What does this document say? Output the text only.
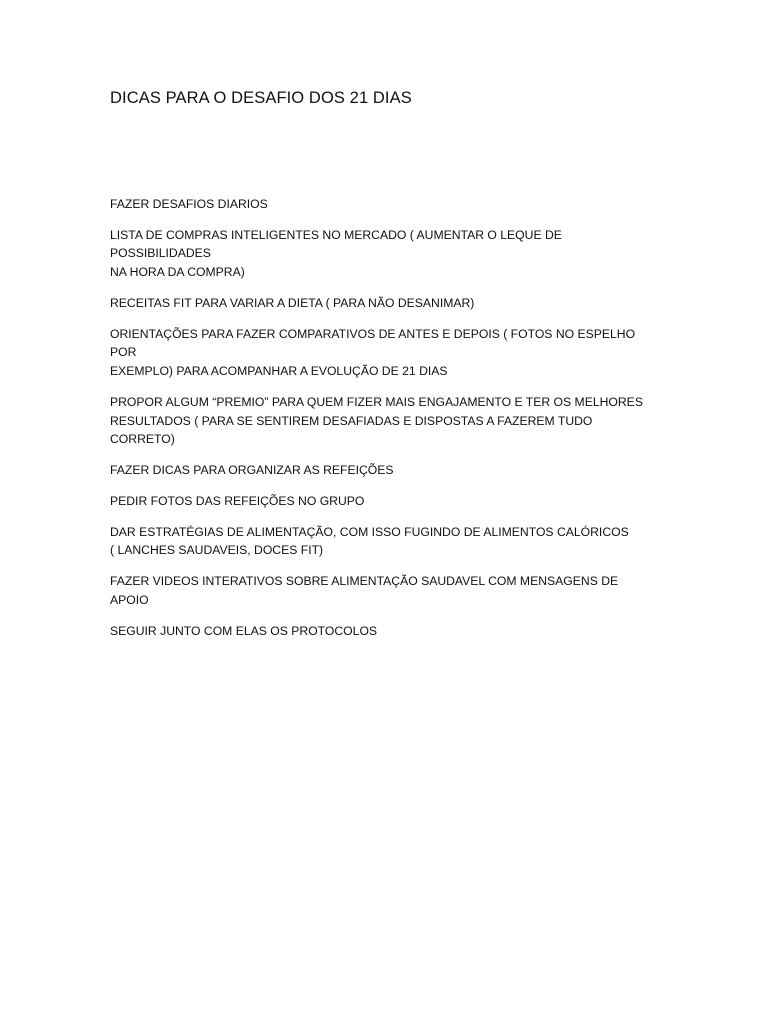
DICAS PARA O DESAFIO DOS 21 DIAS
FAZER DESAFIOS DIARIOS
LISTA DE COMPRAS INTELIGENTES NO MERCADO ( AUMENTAR O LEQUE DE POSSIBILIDADES
NA HORA DA COMPRA)
RECEITAS FIT PARA VARIAR A DIETA ( PARA NÃO DESANIMAR)
ORIENTAÇÕES PARA FAZER COMPARATIVOS DE ANTES E DEPOIS ( FOTOS NO ESPELHO POR
EXEMPLO) PARA ACOMPANHAR A EVOLUÇÃO DE 21 DIAS
PROPOR ALGUM “PREMIO” PARA QUEM FIZER MAIS ENGAJAMENTO E TER OS MELHORES
RESULTADOS ( PARA SE SENTIREM DESAFIADAS E DISPOSTAS A FAZEREM TUDO CORRETO)
FAZER DICAS PARA ORGANIZAR AS REFEIÇÕES
PEDIR FOTOS DAS REFEIÇÕES NO GRUPO
DAR ESTRATÉGIAS DE ALIMENTAÇÃO, COM ISSO FUGINDO DE ALIMENTOS CALÓRICOS
( LANCHES SAUDAVEIS, DOCES FIT)
FAZER VIDEOS INTERATIVOS SOBRE ALIMENTAÇÃO SAUDAVEL COM MENSAGENS DE APOIO
SEGUIR JUNTO COM ELAS OS PROTOCOLOS
